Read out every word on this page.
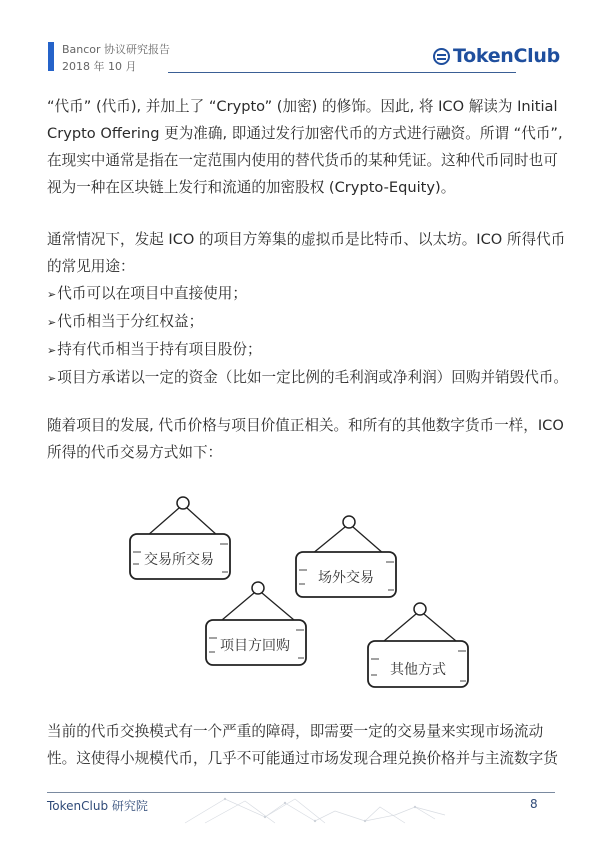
Bancor 协议研究报告
2018 年 10 月	TokenClub
“代币” (代币), 并加上了 “Crypto” (加密) 的修饰。因此, 将 ICO 解读为 Initial
Crypto Offering 更为准确, 即通过发行加密代币的方式进行融资。所谓 “代币”,
在现实中通常是指在一定范围内使用的替代货币的某种凭证。这种代币同时也可
视为一种在区块链上发行和流通的加密股权 (Crypto-Equity)。
通常情况下，发起 ICO 的项目方筹集的虚拟币是比特币、以太坊。ICO 所得代币
的常见用途：
➢ 代币可以在项目中直接使用；
➢ 代币相当于分红权益；
➢ 持有代币相当于持有项目股份；
➢ 项目方承诺以一定的资金（比如一定比例的毛利润或净利润）回购并销毁代币。
随着项目的发展, 代币价格与项目价值正相关。和所有的其他数字货币一样，ICO
所得的代币交易方式如下：
交易所交易
场外交易
项目方回购
其他方式
当前的代币交换模式有一个严重的障碍，即需要一定的交易量来实现市场流动
性。这使得小规模代币，几乎不可能通过市场发现合理兑换价格并与主流数字货
TokenClub 研究院	8
